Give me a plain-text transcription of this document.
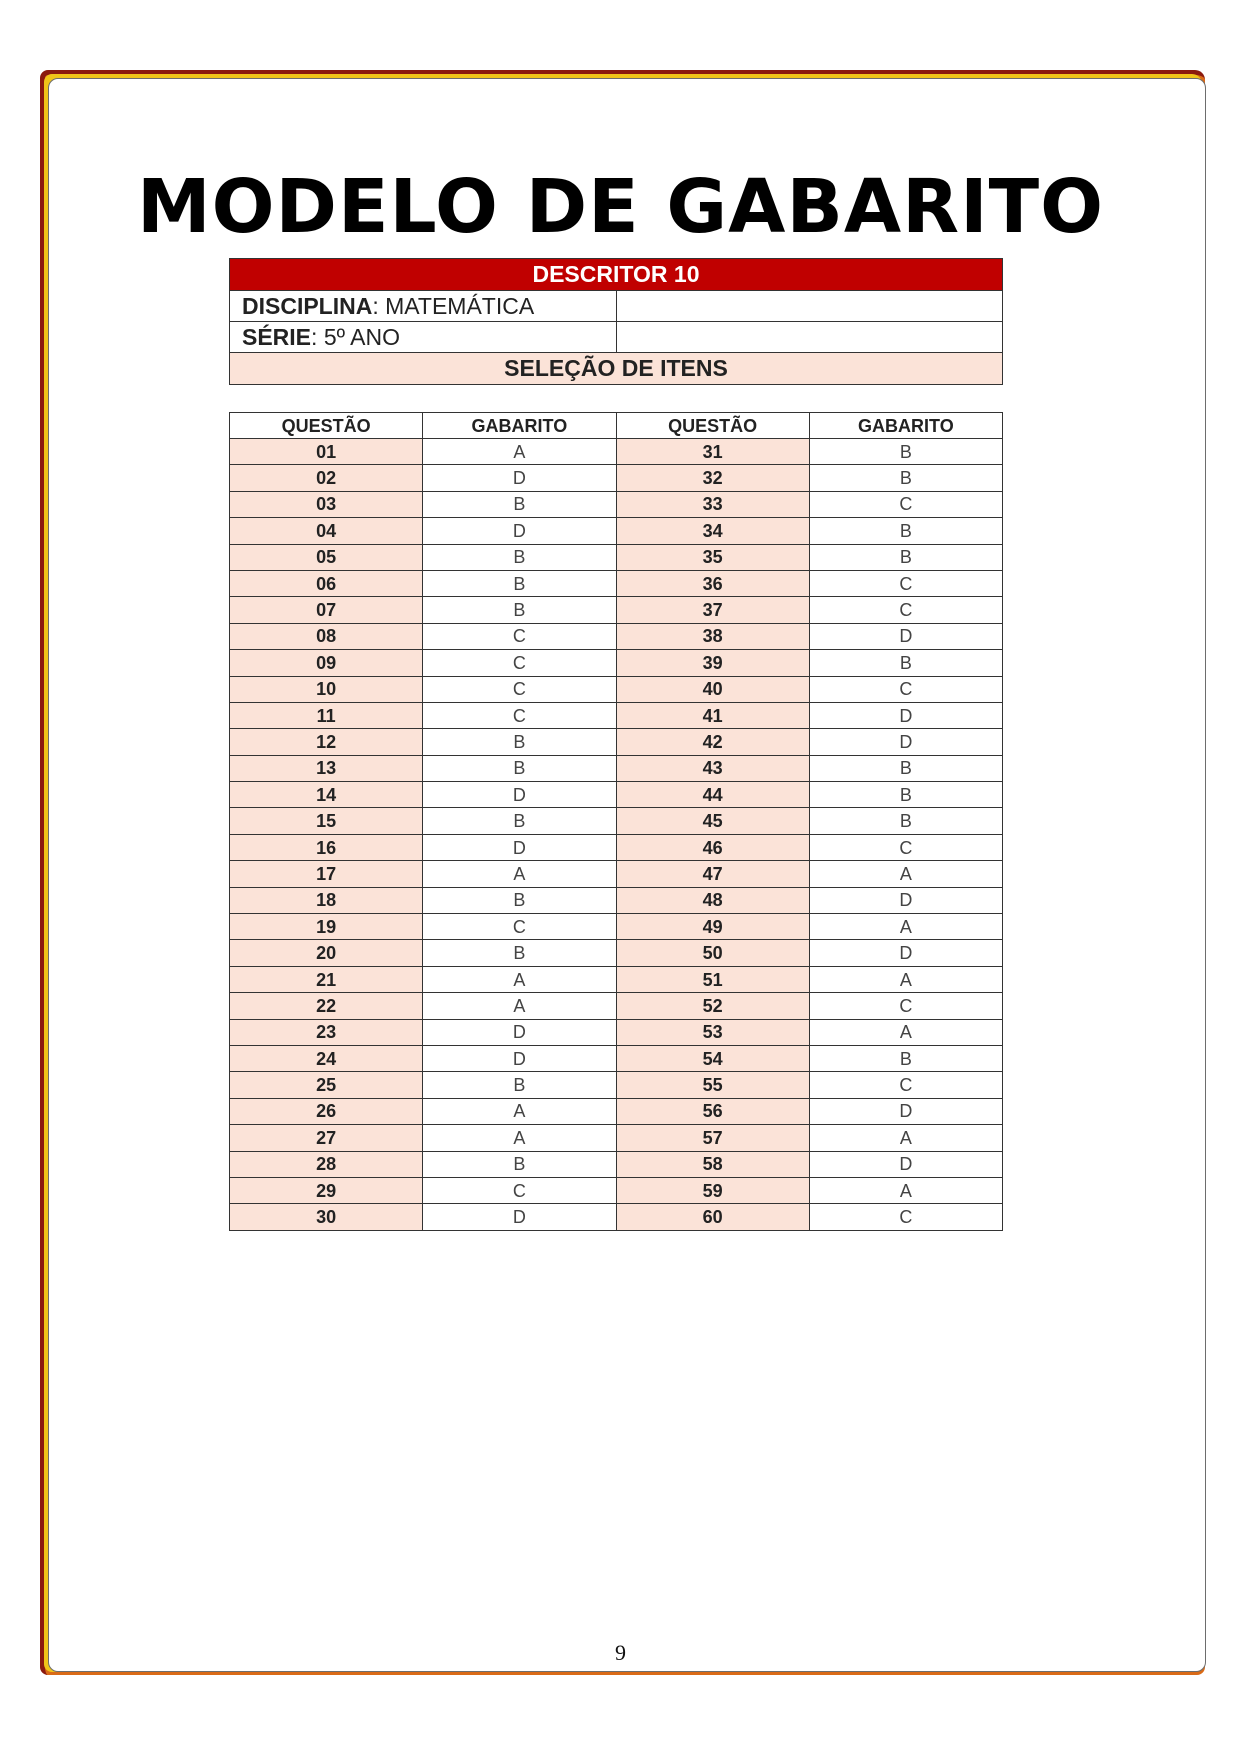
MODELO DE GABARITO
DESCRITOR 10	
DISCIPLINA: MATEMÁTICA	
SÉRIE: 5º ANO	
SELEÇÃO DE ITENS	
QUESTÃO	GABARITO	QUESTÃO	GABARITO
01	A	31	B
02	D	32	B
03	B	33	C
04	D	34	B
05	B	35	B
06	B	36	C
07	B	37	C
08	C	38	D
09	C	39	B
10	C	40	C
11	C	41	D
12	B	42	D
13	B	43	B
14	D	44	B
15	B	45	B
16	D	46	C
17	A	47	A
18	B	48	D
19	C	49	A
20	B	50	D
21	A	51	A
22	A	52	C
23	D	53	A
24	D	54	B
25	B	55	C
26	A	56	D
27	A	57	A
28	B	58	D
29	C	59	A
30	D	60	C
9
